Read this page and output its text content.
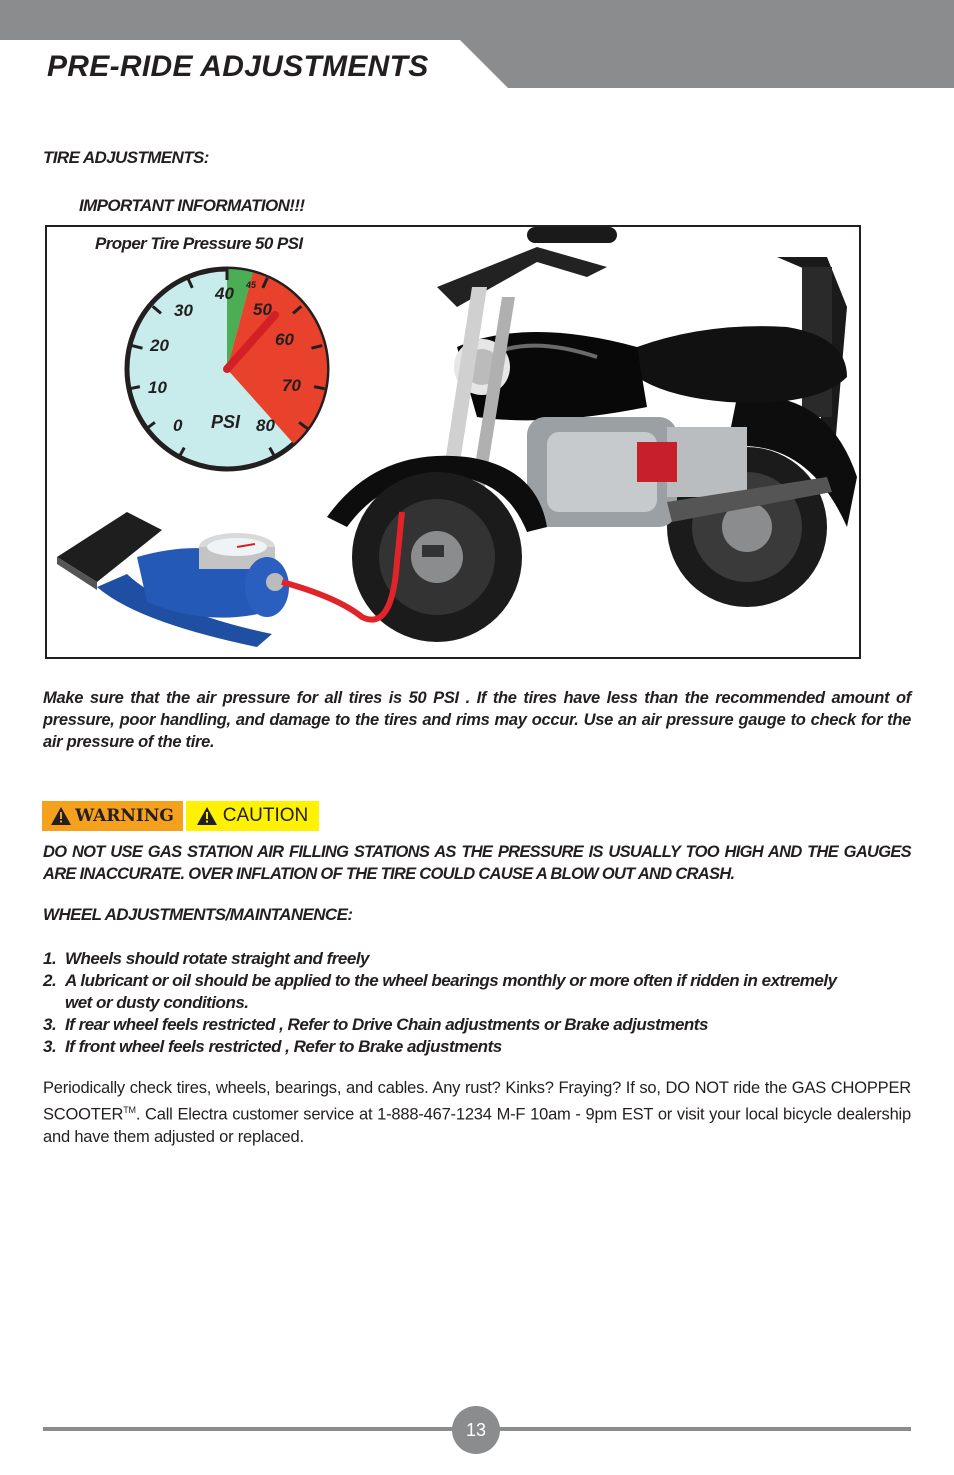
PRE-RIDE ADJUSTMENTS
TIRE ADJUSTMENTS:
IMPORTANT INFORMATION!!!
Proper Tire Pressure 50 PSI
0
10
20
30
40
50
60
70
80
PSI
45

Make sure that the air pressure for all tires is 50 PSI . If the tires have less than the recommended amount of pressure, poor handling, and damage to the tires and rims may occur. Use an air pressure gauge to check for the air pressure of the tire.

WARNING	CAUTION

DO NOT USE GAS STATION AIR FILLING STATIONS AS THE PRESSURE IS USUALLY TOO HIGH AND THE GAUGES ARE INACCURATE. OVER INFLATION OF THE TIRE COULD CAUSE A BLOW OUT AND CRASH.

WHEEL ADJUSTMENTS/MAINTANENCE:
1. Wheels should rotate straight and freely
2. A lubricant or oil should be applied to the wheel bearings monthly or more often if ridden in extremely wet or dusty conditions.
3. If rear wheel feels restricted , Refer to Drive Chain adjustments or Brake adjustments
3. If front wheel feels restricted , Refer to Brake adjustments

Periodically check tires, wheels, bearings, and cables. Any rust? Kinks? Fraying? If so, DO NOT ride the GAS CHOPPER SCOOTER™. Call Electra customer service at 1-888-467-1234 M-F 10am - 9pm EST or visit your local bicycle dealership and have them adjusted or replaced.

13
